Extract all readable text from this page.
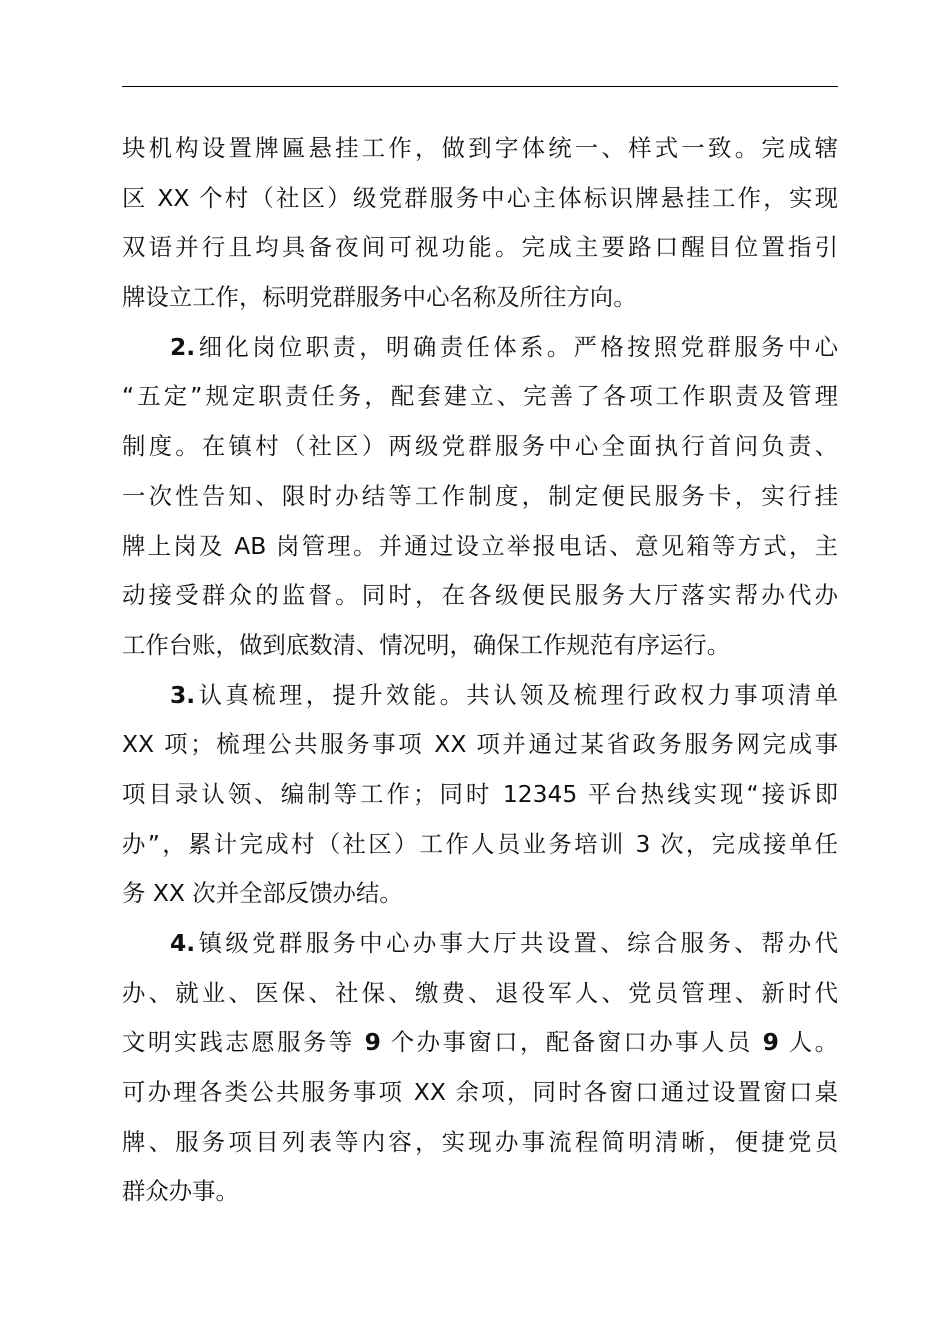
块机构设置牌匾悬挂工作，做到字体统一、样式一致。完成辖
区 XX 个村（社区）级党群服务中心主体标识牌悬挂工作，实现
双语并行且均具备夜间可视功能。完成主要路口醒目位置指引
牌设立工作，标明党群服务中心名称及所往方向。
2.细化岗位职责，明确责任体系。严格按照党群服务中心
“五定”规定职责任务，配套建立、完善了各项工作职责及管理
制度。在镇村（社区）两级党群服务中心全面执行首问负责、
一次性告知、限时办结等工作制度，制定便民服务卡，实行挂
牌上岗及 AB 岗管理。并通过设立举报电话、意见箱等方式，主
动接受群众的监督。同时，在各级便民服务大厅落实帮办代办
工作台账，做到底数清、情况明，确保工作规范有序运行。
3.认真梳理，提升效能。共认领及梳理行政权力事项清单
XX 项；梳理公共服务事项 XX 项并通过某省政务服务网完成事
项目录认领、编制等工作；同时 12345 平台热线实现“接诉即
办”，累计完成村（社区）工作人员业务培训 3 次，完成接单任
务 XX 次并全部反馈办结。
4.镇级党群服务中心办事大厅共设置、综合服务、帮办代
办、就业、医保、社保、缴费、退役军人、党员管理、新时代
文明实践志愿服务等 9 个办事窗口，配备窗口办事人员 9 人。
可办理各类公共服务事项 XX 余项，同时各窗口通过设置窗口桌
牌、服务项目列表等内容，实现办事流程简明清晰，便捷党员
群众办事。
